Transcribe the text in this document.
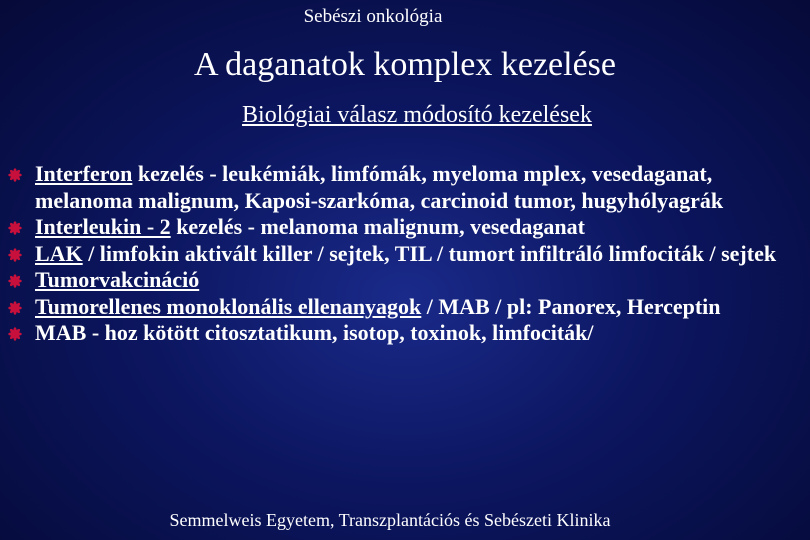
Sebészi onkológia
A daganatok komplex kezelése
Biológiai válasz módosító kezelések
Interferon kezelés - leukémiák, limfómák, myeloma mplex, vesedaganat, melanoma malignum, Kaposi-szarkóma, carcinoid tumor, hugyhólyagrák
Interleukin - 2 kezelés - melanoma malignum, vesedaganat
LAK / limfokin aktivált killer / sejtek, TIL / tumort infiltráló limfociták / sejtek
Tumorvakcináció
Tumorellenes monoklonális ellenanyagok / MAB / pl: Panorex, Herceptin
MAB - hoz kötött citosztatikum, isotop, toxinok, limfociták/
Semmelweis Egyetem, Transzplantációs és Sebészeti Klinika
